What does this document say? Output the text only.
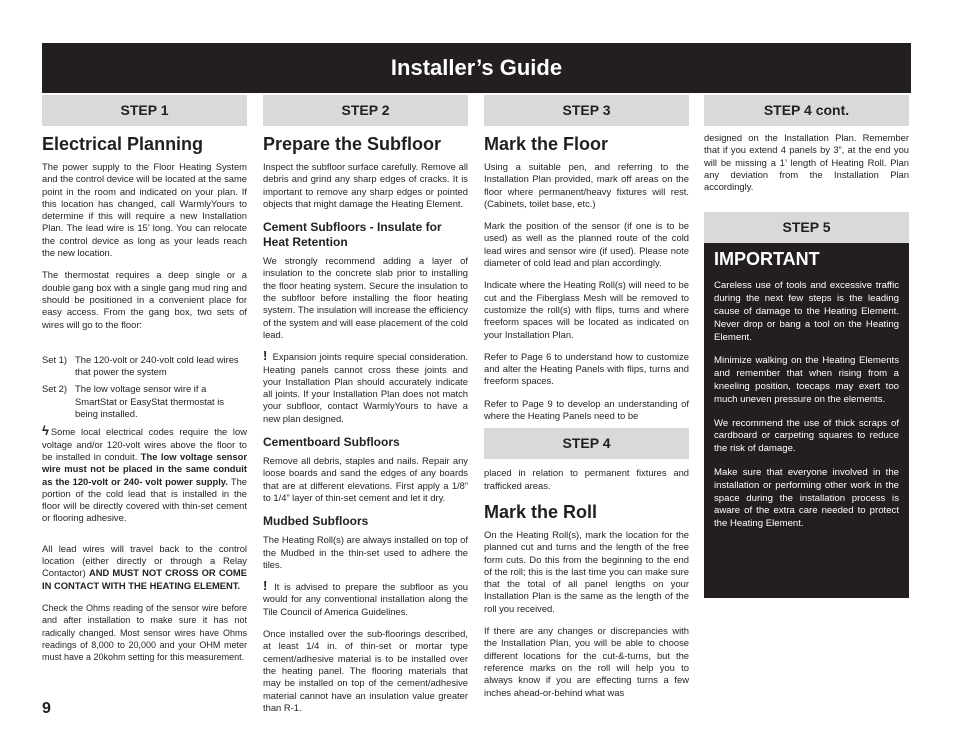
Installer’s Guide
STEP 1
Electrical Planning

The power supply to the Floor Heating System and the control device will be located at the same point in the room and indicated on your plan. If this location has changed, call WarmlyYours to determine if this will require a new Installation Plan. The lead wire is 15’ long. You can relocate the control device as long as your leads reach the new location.

The thermostat requires a deep single or a double gang box with a single gang mud ring and should be positioned in a convenient place for easy access. From the gang box, two sets of wires will go to the floor:

Set 1) The 120-volt or 240-volt cold lead wires that power the system
Set 2) The low voltage sensor wire if a SmartStat or EasyStat thermostat is being installed.

ϟ Some local electrical codes require the low voltage and/or 120-volt wires above the floor to be installed in conduit. The low voltage sensor wire must not be placed in the same conduit as the 120-volt or 240- volt power supply. The portion of the cold lead that is installed in the floor will be directly covered with thin-set cement or flooring adhesive.

All lead wires will travel back to the control location (either directly or through a Relay Contactor) AND MUST NOT CROSS OR COME IN CONTACT WITH THE HEATING ELEMENT.

Check the Ohms reading of the sensor wire before and after installation to make sure it has not radically changed. Most sensor wires have Ohms readings of 8,000 to 20,000 and your OHM meter must have a 20kohm setting for this measurement.

STEP 2
Prepare the Subfloor

Inspect the subfloor surface carefully. Remove all debris and grind any sharp edges of cracks. It is important to remove any sharp edges or pointed objects that might damage the Heating Element.

Cement Subfloors - Insulate for Heat Retention

We strongly recommend adding a layer of insulation to the concrete slab prior to installing the floor heating system. Secure the insulation to the subfloor before installing the floor heating system. The insulation will increase the efficiency of the system and will ease placement of the cold lead.

! Expansion joints require special consideration. Heating panels cannot cross these joints and your Installation Plan should accurately indicate all joints. If your Installation Plan does not match your subfloor, contact WarmlyYours to have a new plan designed.

Cementboard Subfloors

Remove all debris, staples and nails. Repair any loose boards and sand the edges of any boards that are at different elevations. First apply a 1/8” to 1/4” layer of thin-set cement and let it dry.

Mudbed Subfloors

The Heating Roll(s) are always installed on top of the Mudbed in the thin-set used to adhere the tiles.

! It is advised to prepare the subfloor as you would for any conventional installation along the Tile Council of America Guidelines.

Once installed over the sub-floorings described, at least 1/4 in. of thin-set or mortar type cement/adhesive material is to be installed over the heating panel. The flooring materials that may be installed on top of the cement/adhesive material cannot have an insulation value greater than R-1.

STEP 3
Mark the Floor

Using a suitable pen, and referring to the Installation Plan provided, mark off areas on the floor where permanent/heavy fixtures will rest. (Cabinets, toilet base, etc.)

Mark the position of the sensor (if one is to be used) as well as the planned route of the cold lead wires and sensor wire (if used). Please note diameter of cold lead and plan accordingly.

Indicate where the Heating Roll(s) will need to be cut and the Fiberglass Mesh will be removed to customize the roll(s) with flips, turns and where freeform spaces will be located as indicated on your Installation Plan.

Refer to Page 6 to understand how to customize and alter the Heating Panels with flips, turns and freeform spaces.

Refer to Page 9 to develop an understanding of where the Heating Panels need to be

STEP 4

placed in relation to permanent fixtures and trafficked areas.

Mark the Roll

On the Heating Roll(s), mark the location for the planned cut and turns and the length of the free form cuts. Do this from the beginning to the end of the roll; this is the last time you can make sure that the total of all panel lengths on your Installation Plan is the same as the length of the roll you received.

If there are any changes or discrepancies with the Installation Plan, you will be able to choose different locations for the cut-&-turns, but the reference marks on the roll will help you to always know if you are effecting turns a few inches ahead-or-behind what was

STEP 4 cont.

designed on the Installation Plan. Remember that if you extend 4 panels by 3”, at the end you will be missing a 1’ length of Heating Roll. Plan any deviation from the Installation Plan accordingly.

STEP 5
IMPORTANT

Careless use of tools and excessive traffic during the next few steps is the leading cause of damage to the Heating Element. Never drop or bang a tool on the Heating Element.

Minimize walking on the Heating Elements and remember that when rising from a kneeling position, toecaps may exert too much uneven pressure on the elements.

We recommend the use of thick scraps of cardboard or carpeting squares to reduce the risk of damage.

Make sure that everyone involved in the installation or performing other work in the space during the installation process is aware of the extra care needed to protect the Heating Element.

9
